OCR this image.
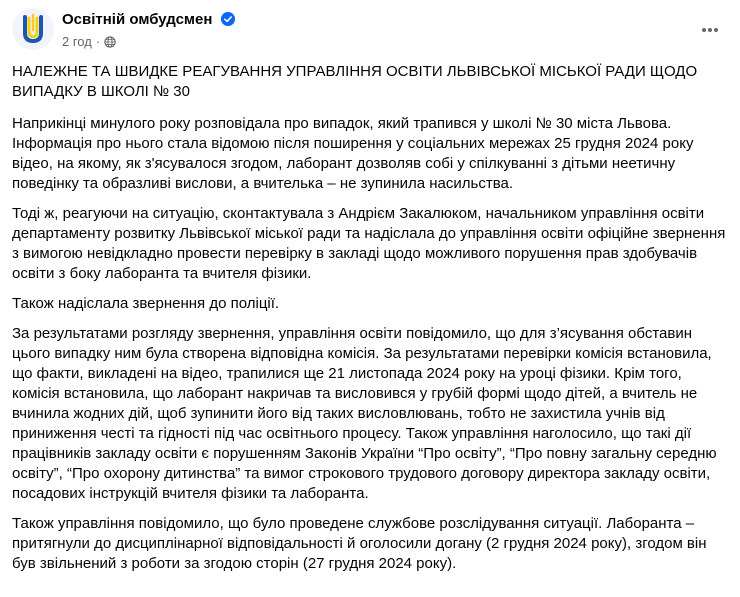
Освітній омбудсмен
2 год ·

НАЛЕЖНЕ ТА ШВИДКЕ РЕАГУВАННЯ УПРАВЛІННЯ ОСВІТИ ЛЬВІВСЬКОЇ МІСЬКОЇ РАДИ ЩОДО ВИПАДКУ В ШКОЛІ № 30

Наприкінці минулого року розповідала про випадок, який трапився у школі № 30 міста Львова. Інформація про нього стала відомою після поширення у соціальних мережах 25 грудня 2024 року відео, на якому, як з'ясувалося згодом, лаборант дозволяв собі у спілкуванні з дітьми неетичну поведінку та образливі вислови, а вчителька – не зупинила насильства.

Тоді ж, реагуючи на ситуацію, сконтактувала з Андрієм Закалюком, начальником управління освіти департаменту розвитку Львівської міської ради та надіслала до управління освіти офіційне звернення з вимогою невідкладно провести перевірку в закладі щодо можливого порушення прав здобувачів освіти з боку лаборанта та вчителя фізики.

Також надіслала звернення до поліції.

За результатами розгляду звернення, управління освіти повідомило, що для з’ясування обставин цього випадку ним була створена відповідна комісія. За результатами перевірки комісія встановила, що факти, викладені на відео, трапилися ще 21 листопада 2024 року на уроці фізики. Крім того, комісія встановила, що лаборант накричав та висловився у грубій формі щодо дітей, а вчитель не вчинила жодних дій, щоб зупинити його від таких висловлювань, тобто не захистила учнів від приниження честі та гідності під час освітнього процесу. Також управління наголосило, що такі дії працівників закладу освіти є порушенням Законів України “Про освіту”, “Про повну загальну середню освіту”, “Про охорону дитинства” та вимог строкового трудового договору директора закладу освіти, посадових інструкцій вчителя фізики та лаборанта.

Також управління повідомило, що було проведене службове розслідування ситуації. Лаборанта – притягнули до дисциплінарної відповідальності й оголосили догану (2 грудня 2024 року), згодом він був звільнений з роботи за згодою сторін (27 грудня 2024 року).
